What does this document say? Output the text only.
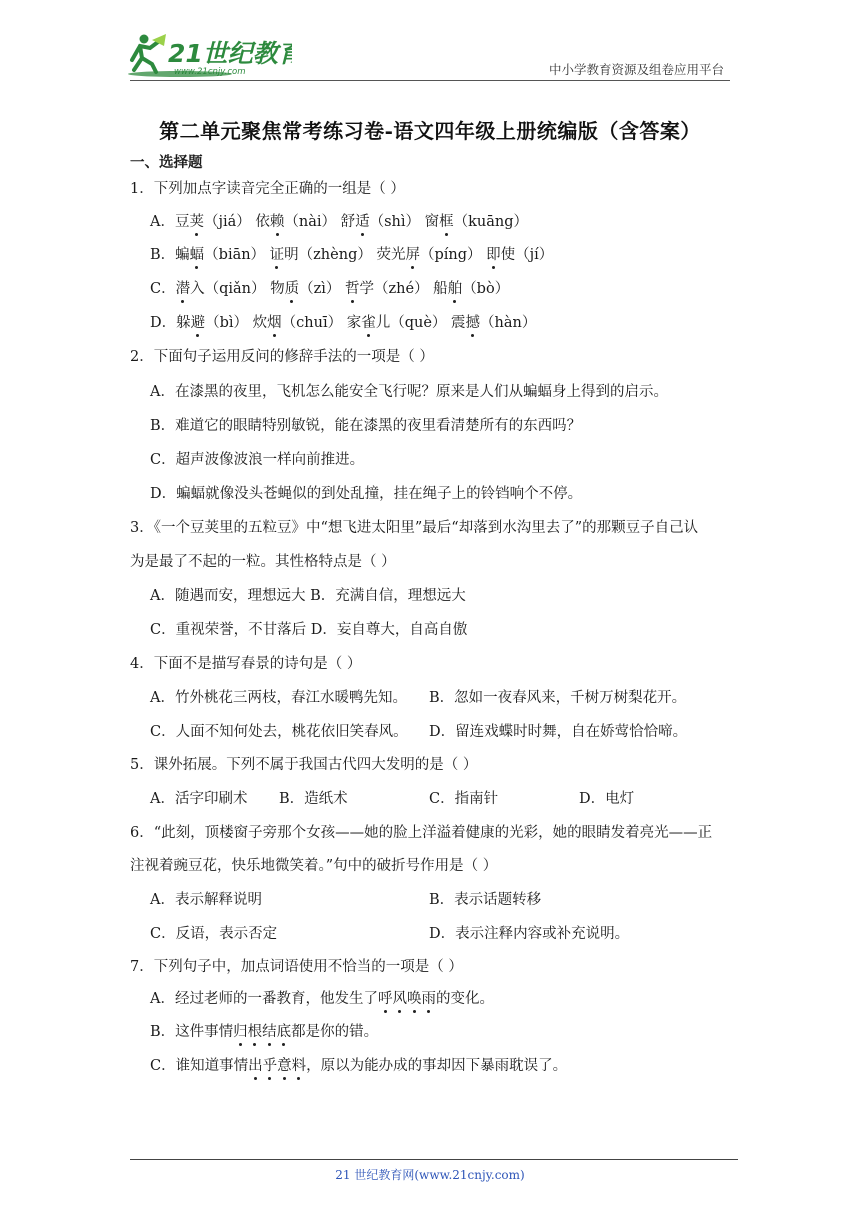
21世纪教育
www.21cnjy.com	中小学教育资源及组卷应用平台
第二单元聚焦常考练习卷-语文四年级上册统编版（含答案）
一、选择题
1．下列加点字读音完全正确的一组是（ ）
A．豆荚（jiá） 依赖（nài） 舒适（shì） 窗框（kuāng）
B．蝙蝠（biān） 证明（zhèng） 荧光屏（píng） 即使（jí）
C．潜入（qiǎn） 物质（zì） 哲学（zhé） 船舶（bò）
D．躲避（bì） 炊烟（chuī） 家雀儿（què） 震撼（hàn）
2．下面句子运用反问的修辞手法的一项是（ ）
A．在漆黑的夜里，飞机怎么能安全飞行呢？原来是人们从蝙蝠身上得到的启示。
B．难道它的眼睛特别敏锐，能在漆黑的夜里看清楚所有的东西吗？
C．超声波像波浪一样向前推进。
D．蝙蝠就像没头苍蝇似的到处乱撞，挂在绳子上的铃铛响个不停。
3．《一个豆荚里的五粒豆》中“想飞进太阳里”最后“却落到水沟里去了”的那颗豆子自己认
为是最了不起的一粒。其性格特点是（ ）
A．随遇而安，理想远大 B．充满自信，理想远大
C．重视荣誉，不甘落后 D．妄自尊大，自高自傲
4．下面不是描写春景的诗句是（ ）
A．竹外桃花三两枝，春江水暖鸭先知。 B．忽如一夜春风来，千树万树梨花开。
C．人面不知何处去，桃花依旧笑春风。 D．留连戏蝶时时舞，自在娇莺恰恰啼。
5．课外拓展。下列不属于我国古代四大发明的是（ ）
A．活字印刷术 B．造纸术	C．指南针	D．电灯
6．“此刻，顶楼窗子旁那个女孩——她的脸上洋溢着健康的光彩，她的眼睛发着亮光——正
注视着豌豆花，快乐地微笑着。”句中的破折号作用是（ ）
A．表示解释说明	B．表示话题转移
C．反语，表示否定	D．表示注释内容或补充说明。
7．下列句子中，加点词语使用不恰当的一项是（ ）
A．经过老师的一番教育，他发生了呼风唤雨的变化。
B．这件事情归根结底都是你的错。
C．谁知道事情出乎意料，原以为能办成的事却因下暴雨耽误了。
21 世纪教育网(www.21cnjy.com)
